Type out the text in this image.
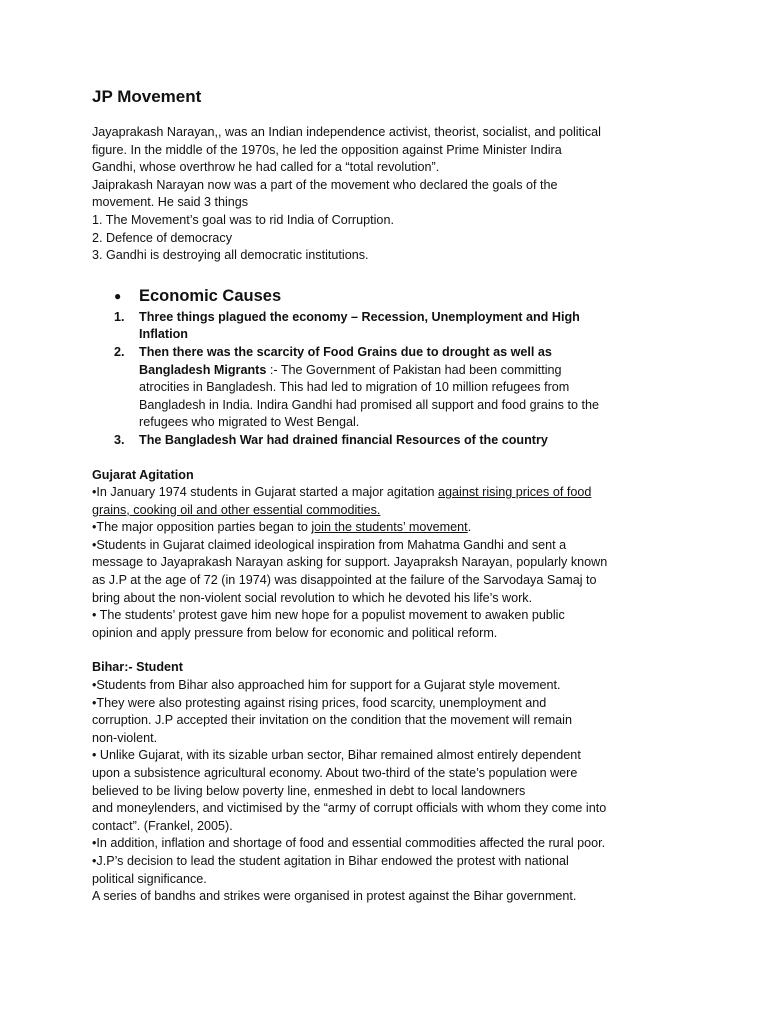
JP Movement
Jayaprakash Narayan,, was an Indian independence activist, theorist, socialist, and political
figure. In the middle of the 1970s, he led the opposition against Prime Minister Indira
Gandhi, whose overthrow he had called for a “total revolution”.
Jaiprakash Narayan now was a part of the movement who declared the goals of the
movement. He said 3 things
1. The Movement’s goal was to rid India of Corruption.
2. Defence of democracy
3. Gandhi is destroying all democratic institutions.
● Economic Causes
1. Three things plagued the economy – Recession, Unemployment and High
Inflation
2. Then there was the scarcity of Food Grains due to drought as well as
Bangladesh Migrants :- The Government of Pakistan had been committing
atrocities in Bangladesh. This had led to migration of 10 million refugees from
Bangladesh in India. Indira Gandhi had promised all support and food grains to the
refugees who migrated to West Bengal.
3. The Bangladesh War had drained financial Resources of the country
Gujarat Agitation
•In January 1974 students in Gujarat started a major agitation against rising prices of food
grains, cooking oil and other essential commodities.
•The major opposition parties began to join the students’ movement.
•Students in Gujarat claimed ideological inspiration from Mahatma Gandhi and sent a
message to Jayaprakash Narayan asking for support. Jayapraksh Narayan, popularly known
as J.P at the age of 72 (in 1974) was disappointed at the failure of the Sarvodaya Samaj to
bring about the non-violent social revolution to which he devoted his life’s work.
• The students’ protest gave him new hope for a populist movement to awaken public
opinion and apply pressure from below for economic and political reform.
Bihar:- Student
•Students from Bihar also approached him for support for a Gujarat style movement.
•They were also protesting against rising prices, food scarcity, unemployment and
corruption. J.P accepted their invitation on the condition that the movement will remain
non-violent.
• Unlike Gujarat, with its sizable urban sector, Bihar remained almost entirely dependent
upon a subsistence agricultural economy. About two-third of the state’s population were
believed to be living below poverty line, enmeshed in debt to local landowners
and moneylenders, and victimised by the “army of corrupt officials with whom they come into
contact”. (Frankel, 2005).
•In addition, inflation and shortage of food and essential commodities affected the rural poor.
•J.P’s decision to lead the student agitation in Bihar endowed the protest with national
political significance.
A series of bandhs and strikes were organised in protest against the Bihar government.
